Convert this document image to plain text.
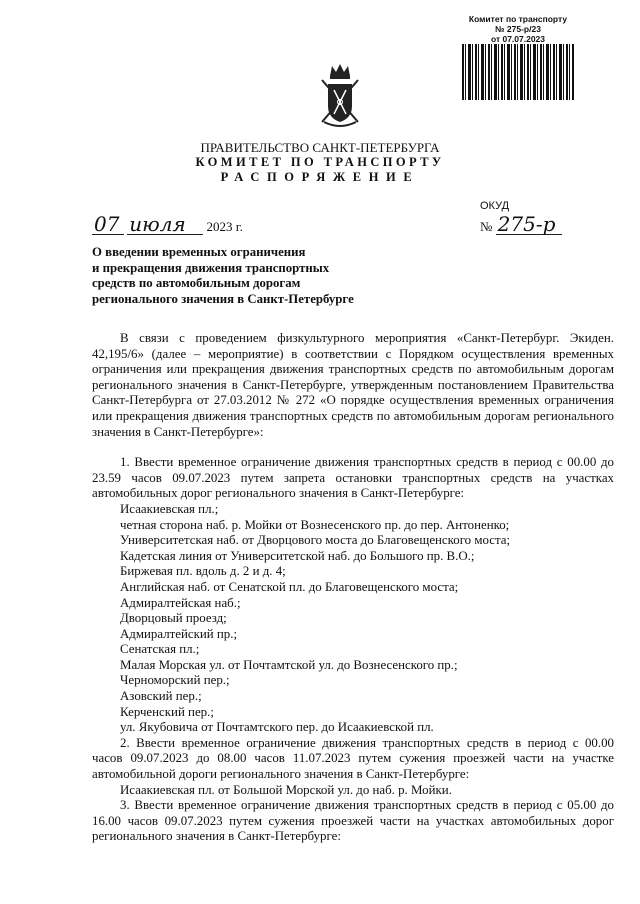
Комитет по транспорту
№ 275-р/23
от 07.07.2023
ПРАВИТЕЛЬСТВО САНКТ-ПЕТЕРБУРГА
КОМИТЕТ ПО ТРАНСПОРТУ
РАСПОРЯЖЕНИЕ
ОКУД
07 июля 2023 г.	№ 275-р
О введении временных ограничения
и прекращения движения транспортных
средств по автомобильным дорогам
регионального значения в Санкт-Петербурге

В связи с проведением физкультурного мероприятия «Санкт-Петербург. Экиден. 42,195/6» (далее – мероприятие) в соответствии с Порядком осуществления временных ограничения или прекращения движения транспортных средств по автомобильным дорогам регионального значения в Санкт-Петербурге, утвержденным постановлением Правительства Санкт-Петербурга от 27.03.2012 № 272 «О порядке осуществления временных ограничения или прекращения движения транспортных средств по автомобильным дорогам регионального значения в Санкт-Петербурге»:

1. Ввести временное ограничение движения транспортных средств в период с 00.00 до 23.59 часов 09.07.2023 путем запрета остановки транспортных средств на участках автомобильных дорог регионального значения в Санкт-Петербурге:

Исаакиевская пл.;
четная сторона наб. р. Мойки от Вознесенского пр. до пер. Антоненко;
Университетская наб. от Дворцового моста до Благовещенского моста;
Кадетская линия от Университетской наб. до Большого пр. В.О.;
Биржевая пл. вдоль д. 2 и д. 4;
Английская наб. от Сенатской пл. до Благовещенского моста;
Адмиралтейская наб.;
Дворцовый проезд;
Адмиралтейский пр.;
Сенатская пл.;
Малая Морская ул. от Почтамтской ул. до Вознесенского пр.;
Черноморский пер.;
Азовский пер.;
Керченский пер.;
ул. Якубовича от Почтамтского пер. до Исаакиевской пл.

2. Ввести временное ограничение движения транспортных средств в период с 00.00 часов 09.07.2023 до 08.00 часов 11.07.2023 путем сужения проезжей части на участке автомобильной дороги регионального значения в Санкт-Петербурге:

Исаакиевская пл. от Большой Морской ул. до наб. р. Мойки.

3. Ввести временное ограничение движения транспортных средств в период с 05.00 до 16.00 часов 09.07.2023 путем сужения проезжей части на участках автомобильных дорог регионального значения в Санкт-Петербурге:
